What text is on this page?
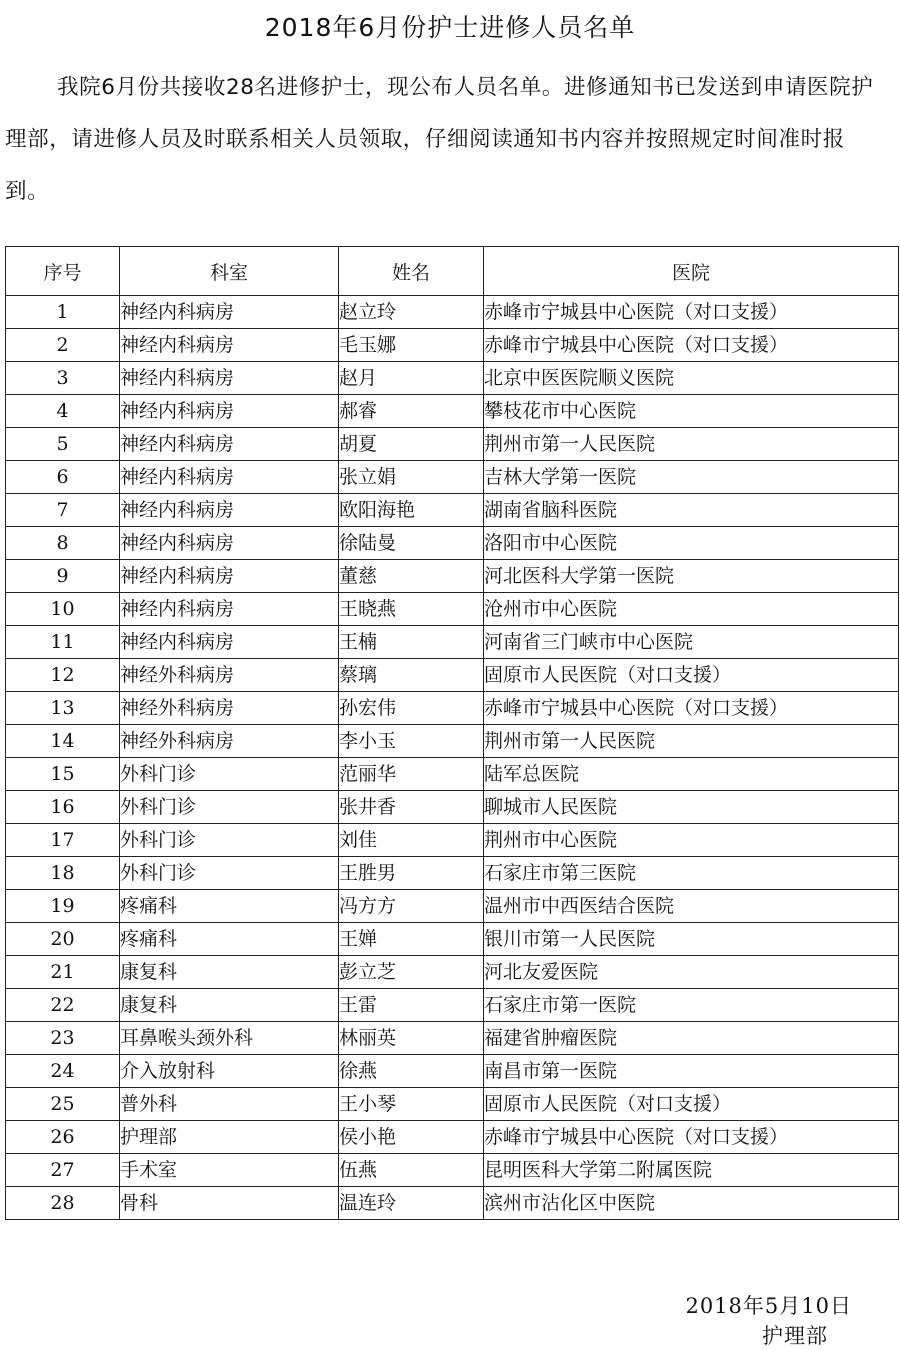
2018年6月份护士进修人员名单
我院6月份共接收28名进修护士，现公布人员名单。进修通知书已发送到申请医院护理部，请进修人员及时联系相关人员领取，仔细阅读通知书内容并按照规定时间准时报到。
序号	科室	姓名	医院
1	神经内科病房	赵立玲	赤峰市宁城县中心医院（对口支援）
2	神经内科病房	毛玉娜	赤峰市宁城县中心医院（对口支援）
3	神经内科病房	赵月	北京中医医院顺义医院
4	神经内科病房	郝睿	攀枝花市中心医院
5	神经内科病房	胡夏	荆州市第一人民医院
6	神经内科病房	张立娟	吉林大学第一医院
7	神经内科病房	欧阳海艳	湖南省脑科医院
8	神经内科病房	徐陆曼	洛阳市中心医院
9	神经内科病房	董慈	河北医科大学第一医院
10	神经内科病房	王晓燕	沧州市中心医院
11	神经内科病房	王楠	河南省三门峡市中心医院
12	神经外科病房	蔡璃	固原市人民医院（对口支援）
13	神经外科病房	孙宏伟	赤峰市宁城县中心医院（对口支援）
14	神经外科病房	李小玉	荆州市第一人民医院
15	外科门诊	范丽华	陆军总医院
16	外科门诊	张井香	聊城市人民医院
17	外科门诊	刘佳	荆州市中心医院
18	外科门诊	王胜男	石家庄市第三医院
19	疼痛科	冯方方	温州市中西医结合医院
20	疼痛科	王婵	银川市第一人民医院
21	康复科	彭立芝	河北友爱医院
22	康复科	王雷	石家庄市第一医院
23	耳鼻喉头颈外科	林丽英	福建省肿瘤医院
24	介入放射科	徐燕	南昌市第一医院
25	普外科	王小琴	固原市人民医院（对口支援）
26	护理部	侯小艳	赤峰市宁城县中心医院（对口支援）
27	手术室	伍燕	昆明医科大学第二附属医院
28	骨科	温连玲	滨州市沾化区中医院
2018年5月10日
护理部
